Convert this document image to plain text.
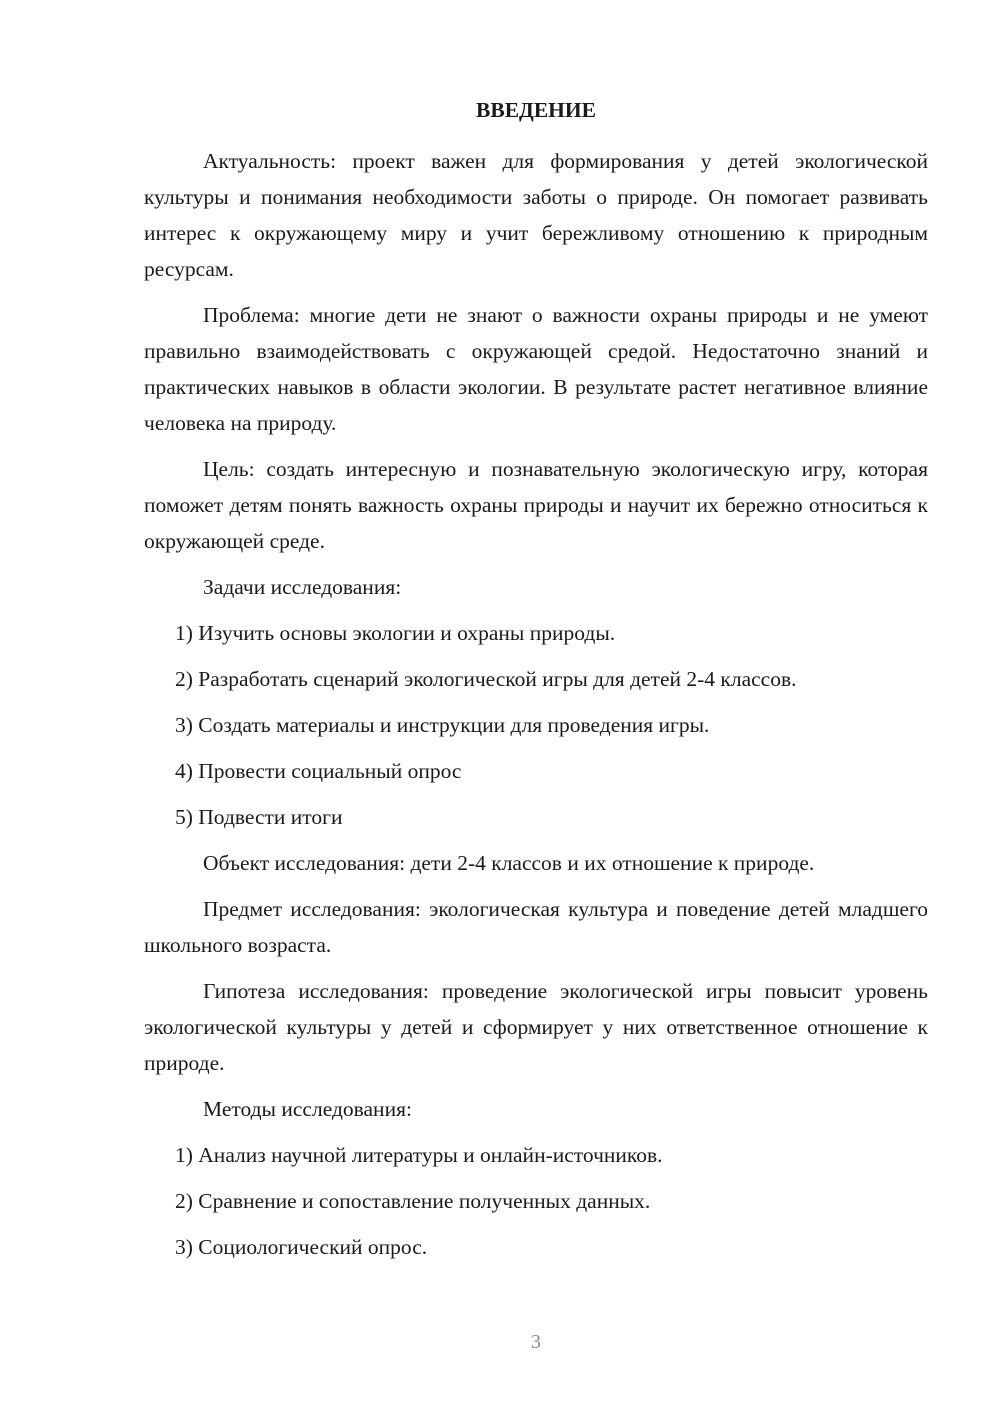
ВВЕДЕНИЕ
Актуальность: проект важен для формирования у детей экологической культуры и понимания необходимости заботы о природе. Он помогает развивать интерес к окружающему миру и учит бережливому отношению к природным ресурсам.
Проблема: многие дети не знают о важности охраны природы и не умеют правильно взаимодействовать с окружающей средой. Недостаточно знаний и практических навыков в области экологии. В результате растет негативное влияние человека на природу.
Цель: создать интересную и познавательную экологическую игру, которая поможет детям понять важность охраны природы и научит их бережно относиться к окружающей среде.
Задачи исследования:
1) Изучить основы экологии и охраны природы.
2) Разработать сценарий экологической игры для детей 2-4 классов.
3) Создать материалы и инструкции для проведения игры.
4) Провести социальный опрос
5) Подвести итоги
Объект исследования: дети 2-4 классов и их отношение к природе.
Предмет исследования: экологическая культура и поведение детей младшего школьного возраста.
Гипотеза исследования: проведение экологической игры повысит уровень экологической культуры у детей и сформирует у них ответственное отношение к природе.
Методы исследования:
1) Анализ научной литературы и онлайн-источников.
2) Сравнение и сопоставление полученных данных.
3) Социологический опрос.
3
